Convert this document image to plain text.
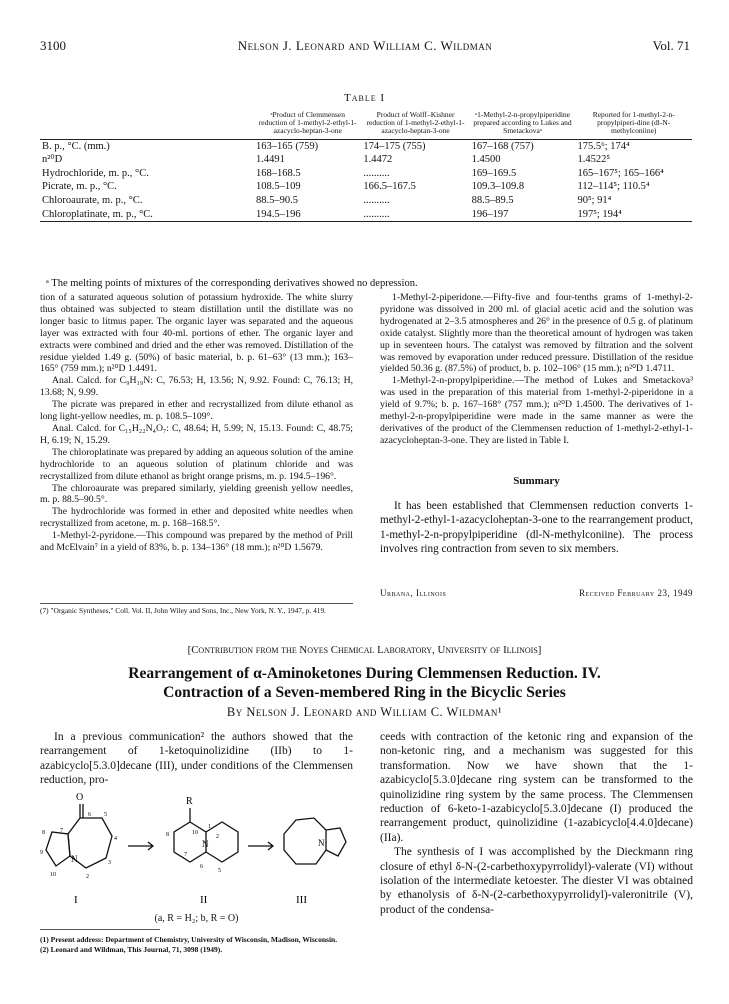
3100	Nelson J. Leonard and William C. Wildman	Vol. 71
Table I
	ᵃProduct of Clemmensen reduction of 1-methyl-2-ethyl-1-azacyclo-heptan-3-one	Product of Wolff–Kishner reduction of 1-methyl-2-ethyl-1-azacyclo-heptan-3-one	ᵃ1-Methyl-2-n-propylpiperidine prepared according to Lukes and Smetackovaᵃ	Reported for 1-methyl-2-n-propylpiperi-dine (dl-N-methylconiine)
B. p., °C. (mm.)	163–165 (759)	174–175 (755)	167–168 (757)	175.5⁶; 174⁴
n²⁰D	1.4491	1.4472	1.4500	1.4522⁵
Hydrochloride, m. p., °C.	168–168.5	..........	169–169.5	165–167⁵; 165–166⁴
Picrate, m. p., °C.	108.5–109	166.5–167.5	109.3–109.8	112–114⁵; 110.5⁴
Chloroaurate, m. p., °C.	88.5–90.5	..........	88.5–89.5	90⁵; 91⁴
Chloroplatinate, m. p., °C.	194.5–196	..........	196–197	197⁵; 194⁴
ᵃ The melting points of mixtures of the corresponding derivatives showed no depression.

tion of a saturated aqueous solution of potassium hydroxide. The white slurry thus obtained was subjected to steam distillation until the distillate was no longer basic to litmus paper. The organic layer was separated and the aqueous layer was extracted with four 40-ml. portions of ether. The organic layer and extracts were combined and dried and the ether was removed. Distillation of the residue yielded 1.49 g. (50%) of basic material, b. p. 61–63° (13 mm.); 163–165° (759 mm.); n²⁰D 1.4491.

Anal. Calcd. for C₉H₁₉N: C, 76.53; H, 13.56; N, 9.92. Found: C, 76.13; H, 13.68; N, 9.99.

The picrate was prepared in ether and recrystallized from dilute ethanol as long light-yellow needles, m. p. 108.5–109°.

Anal. Calcd. for C₁₅H₂₂N₄O₇: C, 48.64; H, 5.99; N, 15.13. Found: C, 48.75; H, 6.19; N, 15.29.

The chloroplatinate was prepared by adding an aqueous solution of the amine hydrochloride to an aqueous solution of platinum chloride and was recrystallized from dilute ethanol as bright orange prisms, m. p. 194.5–196°.

The chloroaurate was prepared similarly, yielding greenish yellow needles, m. p. 88.5–90.5°.

The hydrochloride was formed in ether and deposited white needles when recrystallized from acetone, m. p. 168–168.5°.

1-Methyl-2-pyridone.—This compound was prepared by the method of Prill and McElvain⁷ in a yield of 83%, b. p. 134–136° (18 mm.); n²⁰D 1.5679.

(7) "Organic Syntheses," Coll. Vol. II, John Wiley and Sons, Inc., New York, N. Y., 1947, p. 419.

1-Methyl-2-piperidone.—Fifty-five and four-tenths grams of 1-methyl-2-pyridone was dissolved in 200 ml. of glacial acetic acid and the solution was hydrogenated at 2–3.5 atmospheres and 26° in the presence of 0.5 g. of platinum oxide catalyst. Slightly more than the theoretical amount of hydrogen was taken up in seventeen hours. The catalyst was removed by filtration and the solvent was removed by evaporation under reduced pressure. Distillation of the residue yielded 50.36 g. (87.5%) of product, b. p. 102–106° (15 mm.); n²⁰D 1.4711.

1-Methyl-2-n-propylpiperidine.—The method of Lukes and Smetackova³ was used in the preparation of this material from 1-methyl-2-piperidone in a yield of 9.7%; b. p. 167–168° (757 mm.); n²⁰D 1.4500. The derivatives of 1-methyl-2-n-propylpiperidine were made in the same manner as were the derivatives of the product of the Clemmensen reduction of 1-methyl-2-ethyl-1-azacycloheptan-3-one. They are listed in Table I.

Summary

It has been established that Clemmensen reduction converts 1-methyl-2-ethyl-1-azacycloheptan-3-one to the rearrangement product, 1-methyl-2-n-propylpiperidine (dl-N-methylconiine). The process involves ring contraction from seven to six members.

Urbana, Illinois	Received February 23, 1949
[Contribution from the Noyes Chemical Laboratory, University of Illinois]
Rearrangement of α-Aminoketones During Clemmensen Reduction. IV.
Contraction of a Seven-membered Ring in the Bicyclic Series
By Nelson J. Leonard and William C. Wildman¹

In a previous communication² the authors showed that the rearrangement of 1-ketoquinolizidine (IIb) to 1-azabicyclo[5.3.0]decane (III), under conditions of the Clemmensen reduction, pro-

ceeds with contraction of the ketonic ring and expansion of the non-ketonic ring, and a mechanism was suggested for this transformation. Now we have shown that the 1-azabicyclo[5.3.0]decane ring system can be transformed to the quinolizidine ring system by the same process. The Clemmensen reduction of 6-keto-1-azabicyclo[5.3.0]decane (I) produced the rearrangement product, quinolizidine (1-azabicyclo[4.4.0]decane) (IIa).

The synthesis of I was accomplished by the Dieckmann ring closure of ethyl δ-N-(2-carbethoxypyrrolidyl)-valerate (VI) without isolation of the intermediate ketoester. The diester VI was obtained by ethanolysis of δ-N-(2-carbethoxypyrrolidyl)-valeronitrile (V), product of the condensa-

O
I
6 5
7
4
3
8
9
N
10	2
R
10
1
8	2
7
6
5
N
II
N
III
(a, R = H₂; b, R = O)

(1) Present address: Department of Chemistry, University of Wisconsin, Madison, Wisconsin.

(2) Leonard and Wildman, This Journal, 71, 3098 (1949).
